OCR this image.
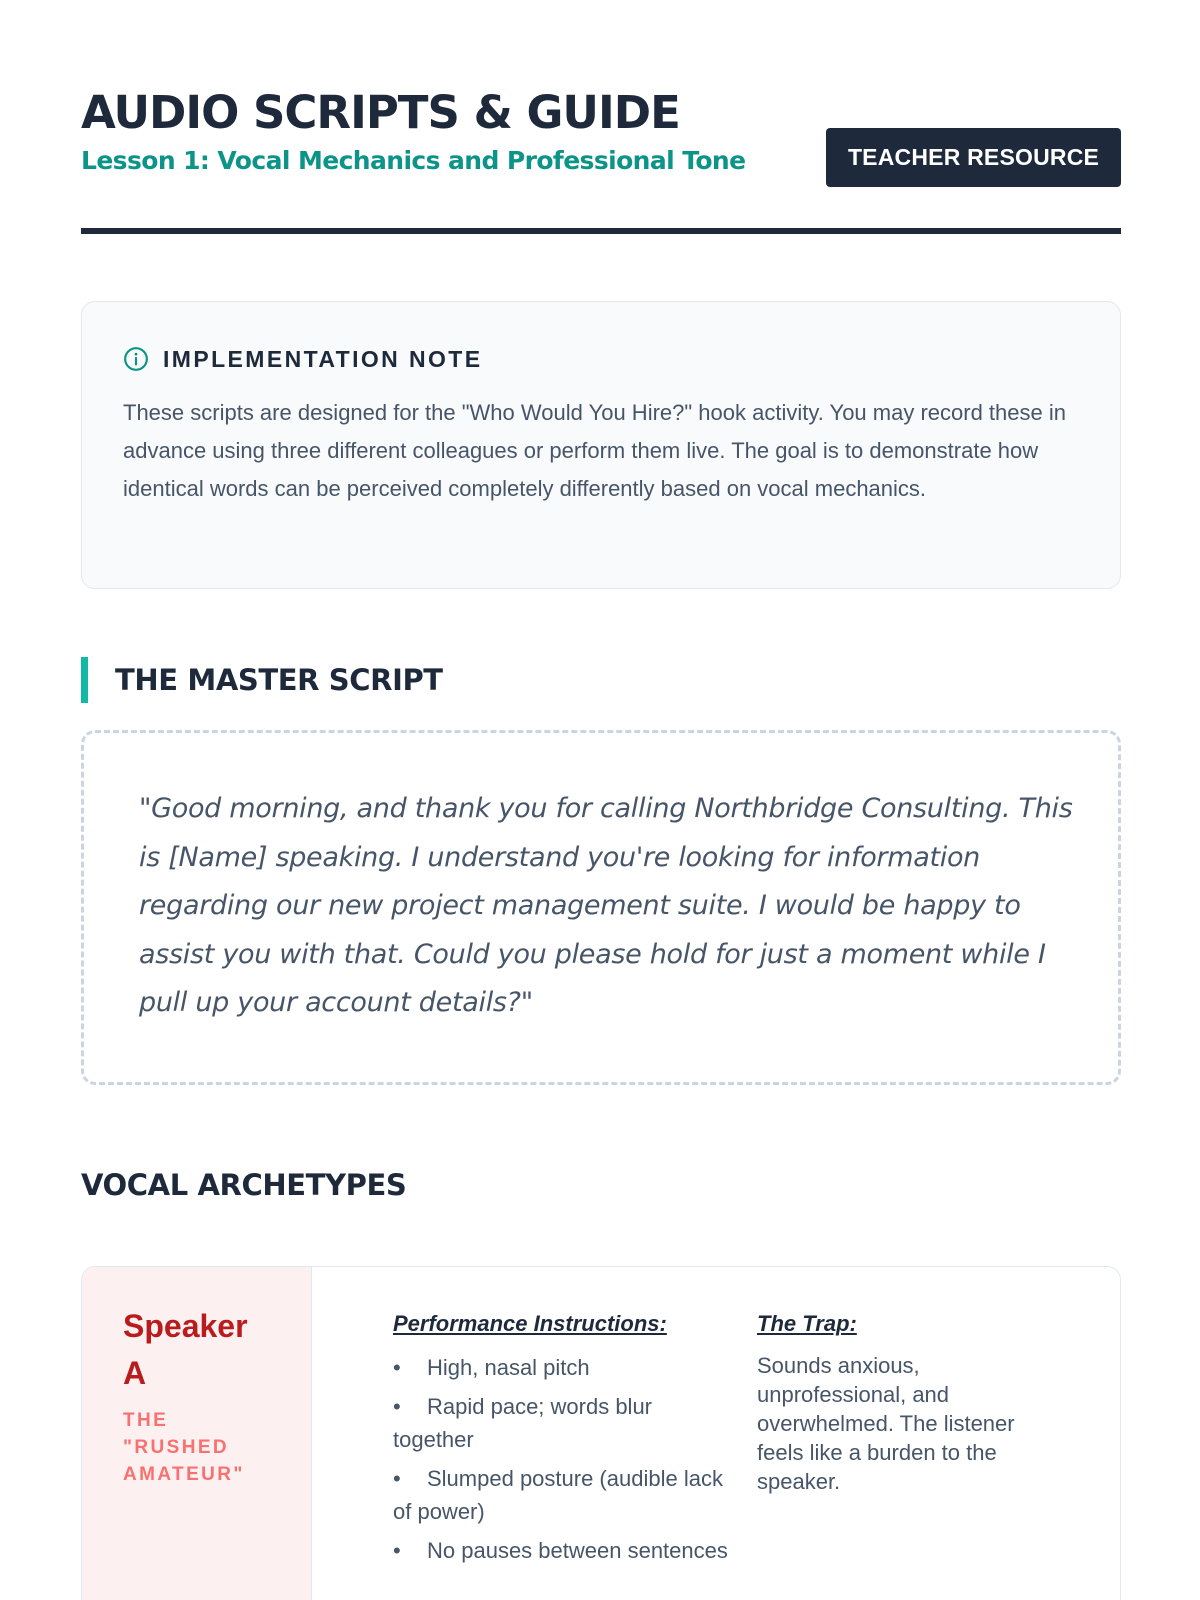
AUDIO SCRIPTS & GUIDE
Lesson 1: Vocal Mechanics and Professional Tone	TEACHER RESOURCE
IMPLEMENTATION NOTE

These scripts are designed for the "Who Would You Hire?" hook activity. You may record these in advance using three different colleagues or perform them live. The goal is to demonstrate how identical words can be perceived completely differently based on vocal mechanics.

THE MASTER SCRIPT

"Good morning, and thank you for calling Northbridge Consulting. This is [Name] speaking. I understand you're looking for information regarding our new project management suite. I would be happy to assist you with that. Could you please hold for just a moment while I pull up your account details?"

VOCAL ARCHETYPES
Speaker A
THE "RUSHED AMATEUR"
Performance Instructions:
• High, nasal pitch
• Rapid pace; words blur together
• Slumped posture (audible lack of power)
• No pauses between sentences
The Trap:

Sounds anxious, unprofessional, and overwhelmed. The listener feels like a burden to the speaker.
